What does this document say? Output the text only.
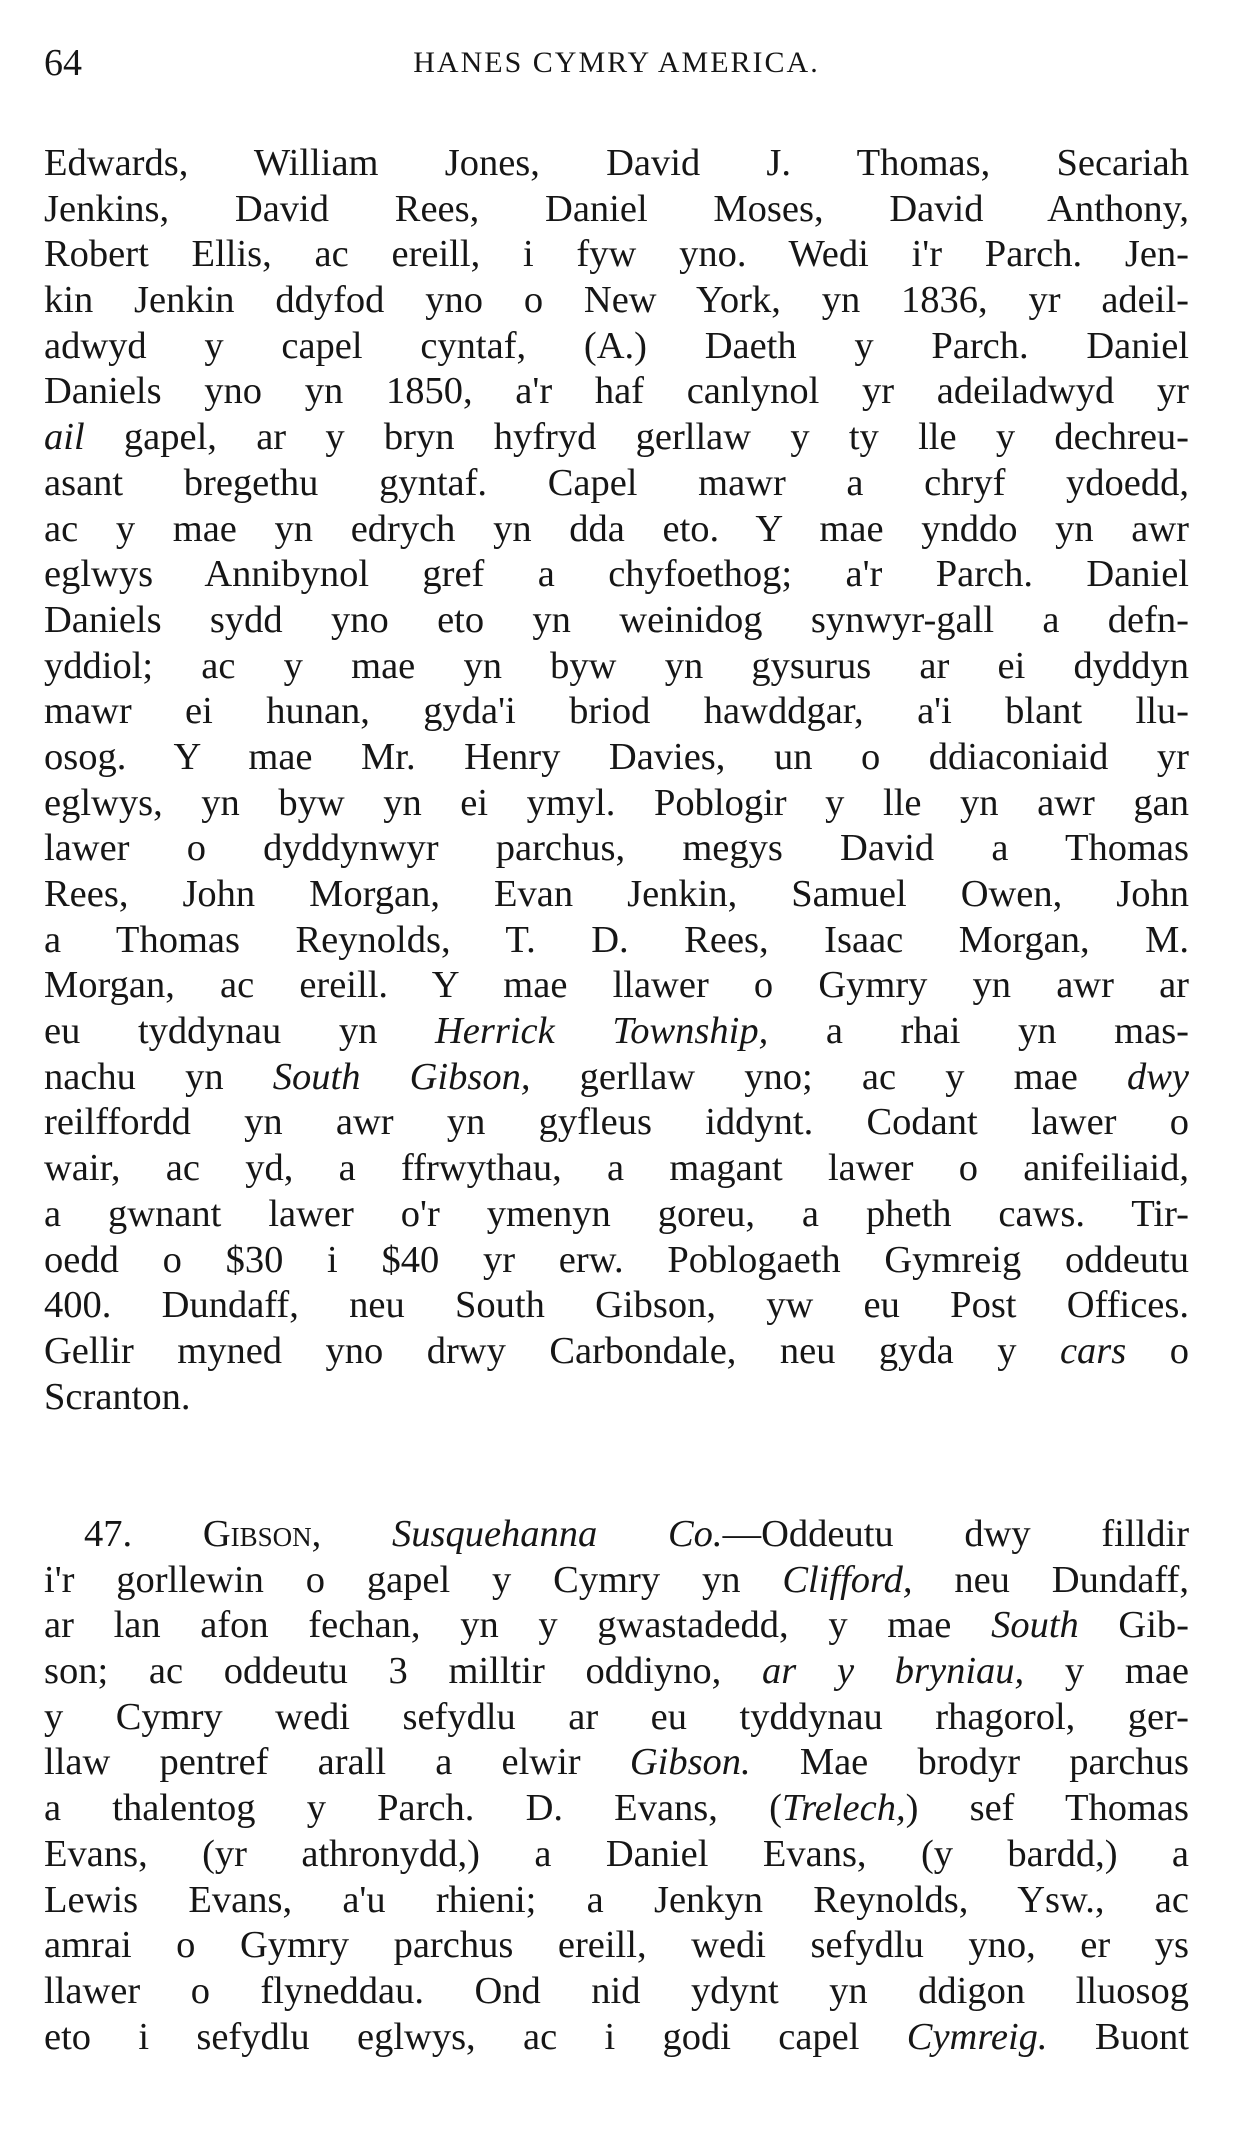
64	HANES CYMRY AMERICA.
Edwards, William Jones, David J. Thomas, Secariah
Jenkins, David Rees, Daniel Moses, David Anthony,
Robert Ellis, ac ereill, i fyw yno. Wedi i'r Parch. Jen-
kin Jenkin ddyfod yno o New York, yn 1836, yr adeil-
adwyd y capel cyntaf, (A.) Daeth y Parch. Daniel
Daniels yno yn 1850, a'r haf canlynol yr adeiladwyd yr
ail gapel, ar y bryn hyfryd gerllaw y ty lle y dechreu-
asant bregethu gyntaf. Capel mawr a chryf ydoedd,
ac y mae yn edrych yn dda eto. Y mae ynddo yn awr
eglwys Annibynol gref a chyfoethog; a'r Parch. Daniel
Daniels sydd yno eto yn weinidog synwyr-gall a defn-
yddiol; ac y mae yn byw yn gysurus ar ei dyddyn
mawr ei hunan, gyda'i briod hawddgar, a'i blant llu-
osog. Y mae Mr. Henry Davies, un o ddiaconiaid yr
eglwys, yn byw yn ei ymyl. Poblogir y lle yn awr gan
lawer o dyddynwyr parchus, megys David a Thomas
Rees, John Morgan, Evan Jenkin, Samuel Owen, John
a Thomas Reynolds, T. D. Rees, Isaac Morgan, M.
Morgan, ac ereill. Y mae llawer o Gymry yn awr ar
eu tyddynau yn Herrick Township, a rhai yn mas-
nachu yn South Gibson, gerllaw yno; ac y mae dwy
reilffordd yn awr yn gyfleus iddynt. Codant lawer o
wair, ac yd, a ffrwythau, a magant lawer o anifeiliaid,
a gwnant lawer o'r ymenyn goreu, a pheth caws. Tir-
oedd o $30 i $40 yr erw. Poblogaeth Gymreig oddeutu
400. Dundaff, neu South Gibson, yw eu Post Offices.
Gellir myned yno drwy Carbondale, neu gyda y cars o
Scranton.
47. Gibson, Susquehanna Co.—Oddeutu dwy filldir
i'r gorllewin o gapel y Cymry yn Clifford, neu Dundaff,
ar lan afon fechan, yn y gwastadedd, y mae South Gib-
son; ac oddeutu 3 milltir oddiyno, ar y bryniau, y mae
y Cymry wedi sefydlu ar eu tyddynau rhagorol, ger-
llaw pentref arall a elwir Gibson. Mae brodyr parchus
a thalentog y Parch. D. Evans, (Trelech,) sef Thomas
Evans, (yr athronydd,) a Daniel Evans, (y bardd,) a
Lewis Evans, a'u rhieni; a Jenkyn Reynolds, Ysw., ac
amrai o Gymry parchus ereill, wedi sefydlu yno, er ys
llawer o flyneddau. Ond nid ydynt yn ddigon lluosog
eto i sefydlu eglwys, ac i godi capel Cymreig. Buont
